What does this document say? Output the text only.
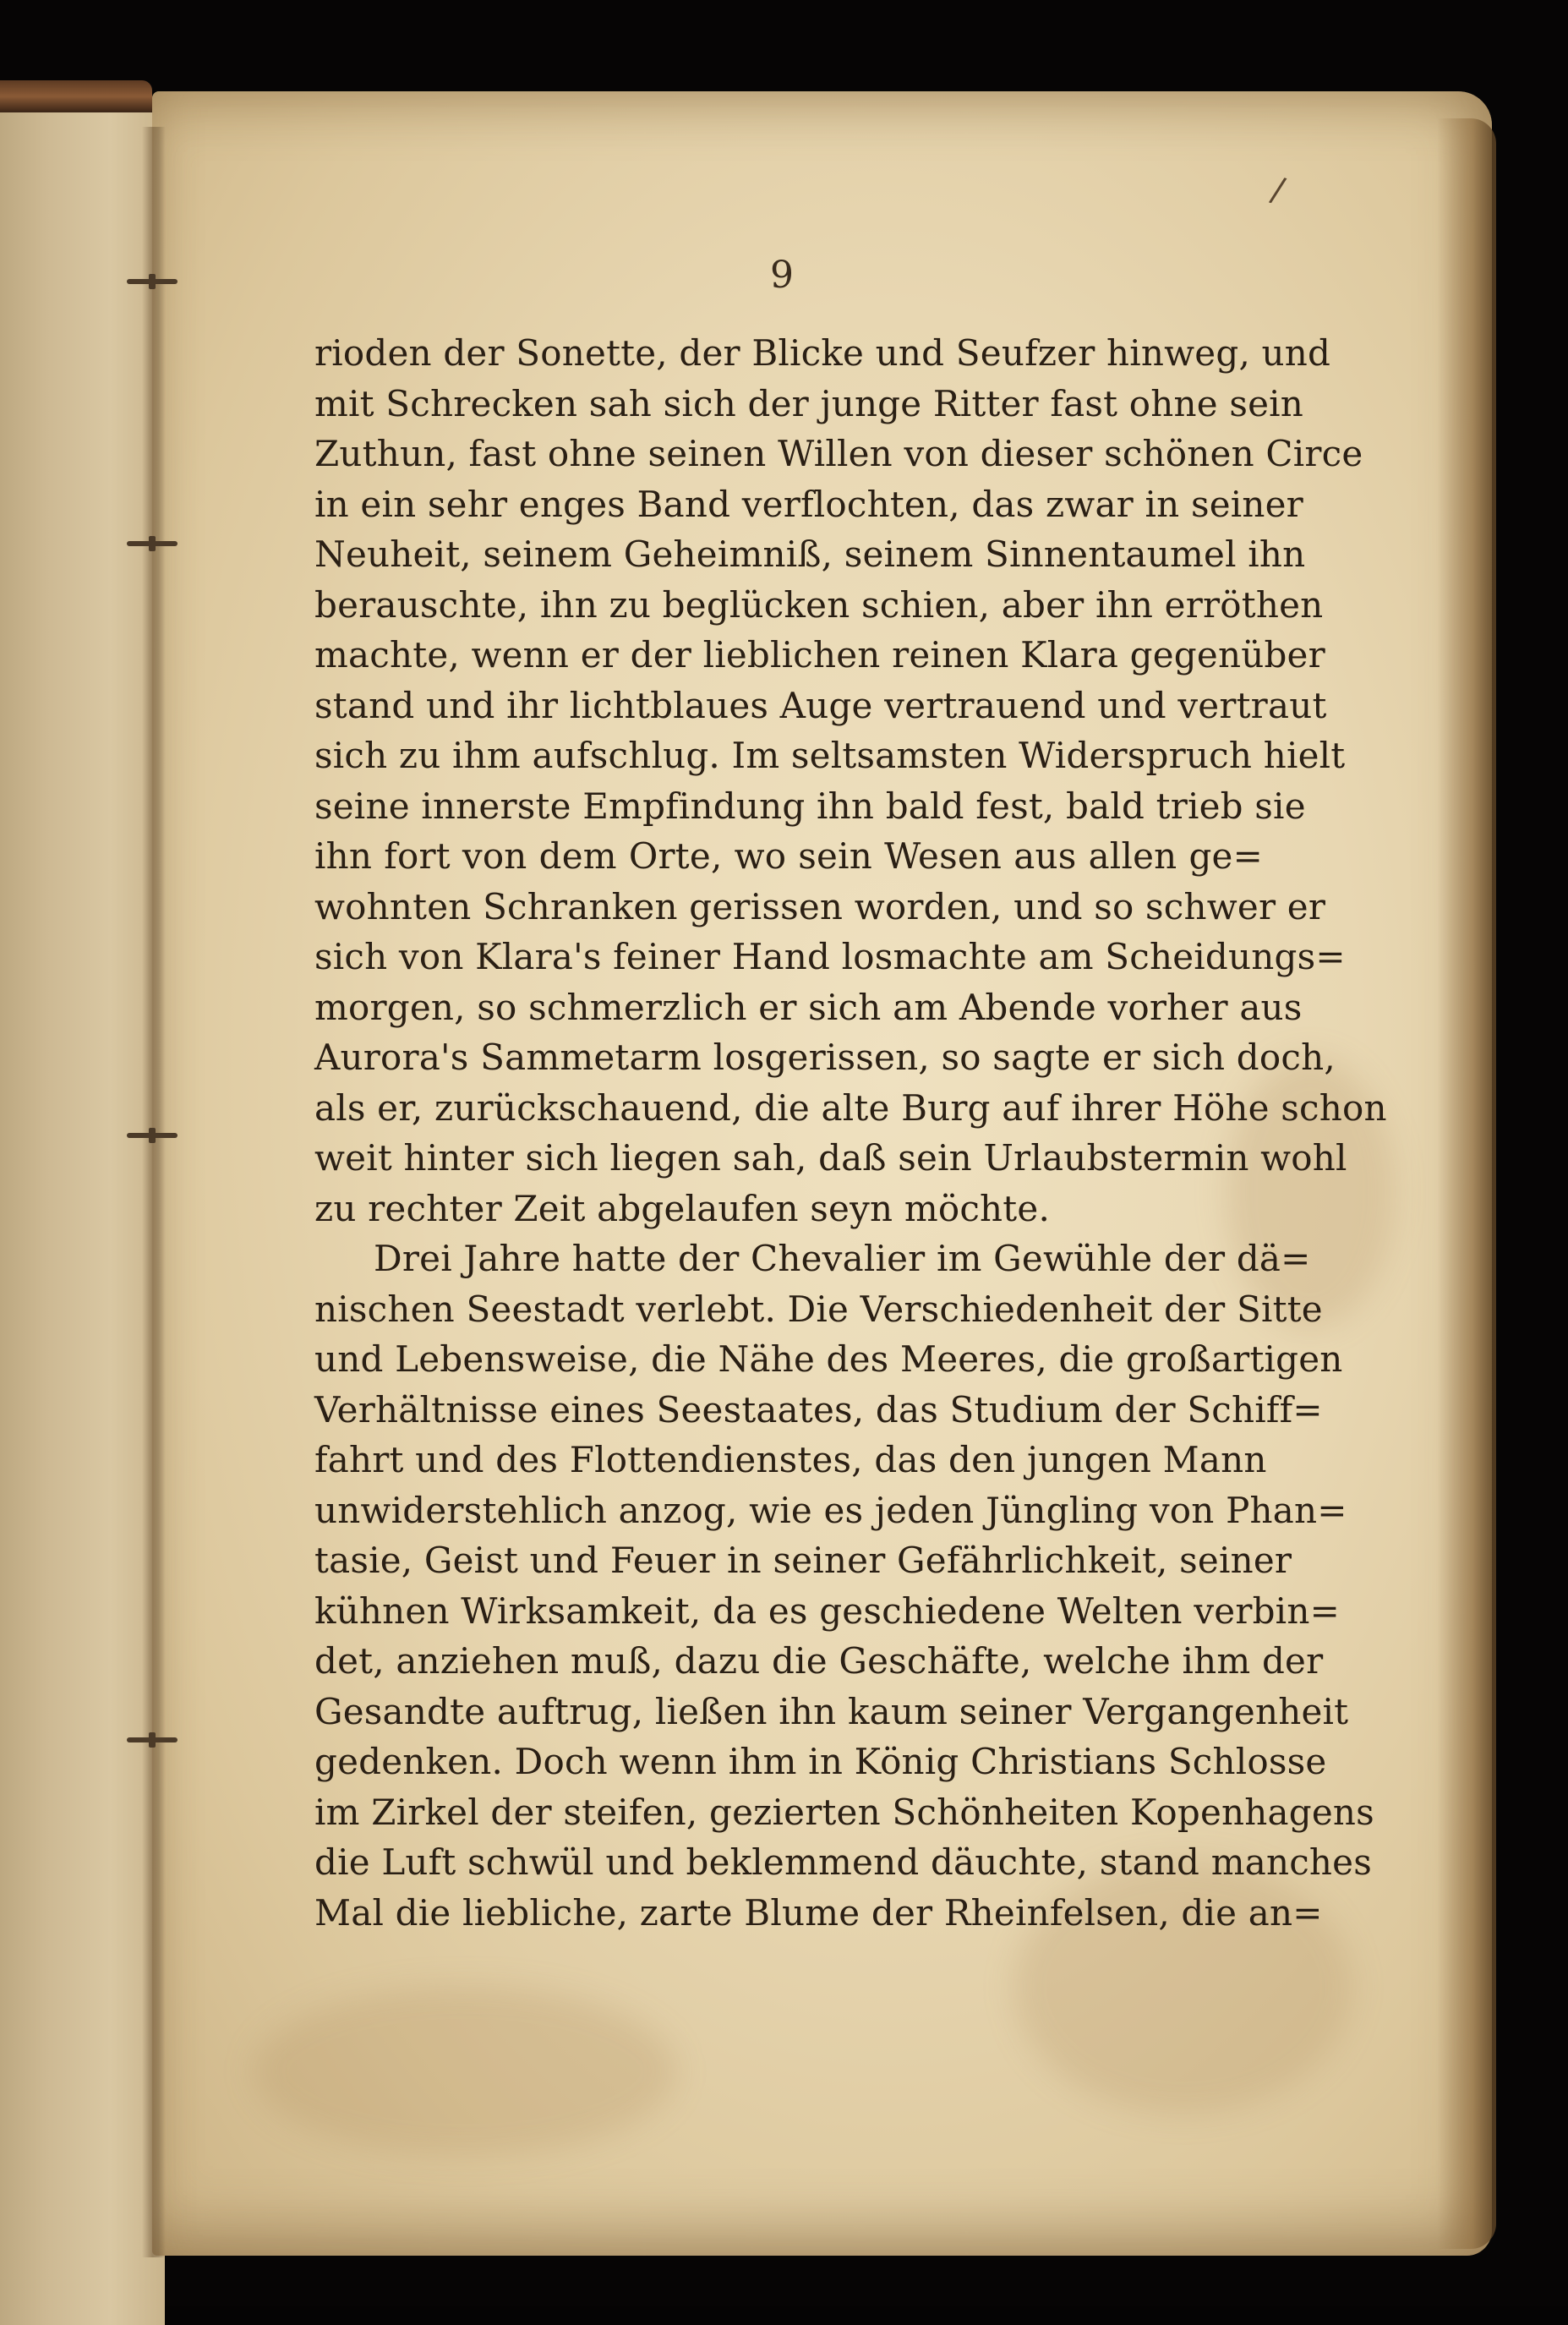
/
9
rioden der Sonette, der Blicke und Seufzer hinweg, und
mit Schrecken sah sich der junge Ritter fast ohne sein
Zuthun, fast ohne seinen Willen von dieser schönen Circe
in ein sehr enges Band verflochten, das zwar in seiner
Neuheit, seinem Geheimniß, seinem Sinnentaumel ihn
berauschte, ihn zu beglücken schien, aber ihn erröthen
machte, wenn er der lieblichen reinen Klara gegenüber
stand und ihr lichtblaues Auge vertrauend und vertraut
sich zu ihm aufschlug. Im seltsamsten Widerspruch hielt
seine innerste Empfindung ihn bald fest, bald trieb sie
ihn fort von dem Orte, wo sein Wesen aus allen ge=
wohnten Schranken gerissen worden, und so schwer er
sich von Klara's feiner Hand losmachte am Scheidungs=
morgen, so schmerzlich er sich am Abende vorher aus
Aurora's Sammetarm losgerissen, so sagte er sich doch,
als er, zurückschauend, die alte Burg auf ihrer Höhe schon
weit hinter sich liegen sah, daß sein Urlaubstermin wohl
zu rechter Zeit abgelaufen seyn möchte.
Drei Jahre hatte der Chevalier im Gewühle der dä=
nischen Seestadt verlebt. Die Verschiedenheit der Sitte
und Lebensweise, die Nähe des Meeres, die großartigen
Verhältnisse eines Seestaates, das Studium der Schiff=
fahrt und des Flottendienstes, das den jungen Mann
unwiderstehlich anzog, wie es jeden Jüngling von Phan=
tasie, Geist und Feuer in seiner Gefährlichkeit, seiner
kühnen Wirksamkeit, da es geschiedene Welten verbin=
det, anziehen muß, dazu die Geschäfte, welche ihm der
Gesandte auftrug, ließen ihn kaum seiner Vergangenheit
gedenken. Doch wenn ihm in König Christians Schlosse
im Zirkel der steifen, gezierten Schönheiten Kopenhagens
die Luft schwül und beklemmend däuchte, stand manches
Mal die liebliche, zarte Blume der Rheinfelsen, die an=
